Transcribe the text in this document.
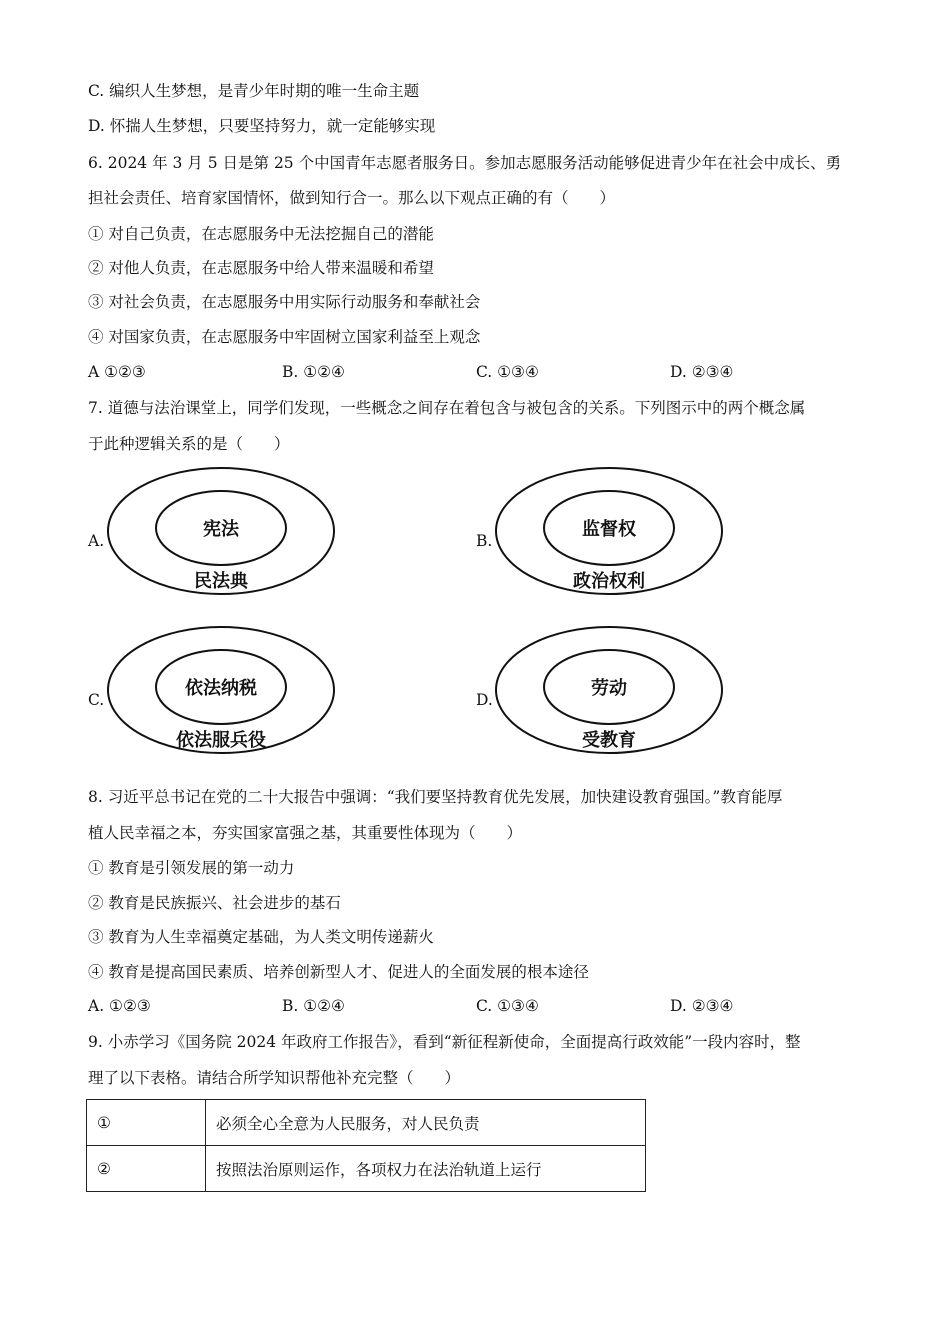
C. 编织人生梦想，是青少年时期的唯一生命主题
D. 怀揣人生梦想，只要坚持努力，就一定能够实现
6. 2024 年 3 月 5 日是第 25 个中国青年志愿者服务日。参加志愿服务活动能够促进青少年在社会中成长、勇
担社会责任、培育家国情怀，做到知行合一。那么以下观点正确的有（　　）
① 对自己负责，在志愿服务中无法挖掘自己的潜能
② 对他人负责，在志愿服务中给人带来温暖和希望
③ 对社会负责，在志愿服务中用实际行动服务和奉献社会
④ 对国家负责，在志愿服务中牢固树立国家利益至上观念
A ①②③	B. ①②④	C. ①③④	D. ②③④
7. 道德与法治课堂上，同学们发现，一些概念之间存在着包含与被包含的关系。下列图示中的两个概念属
于此种逻辑关系的是（　　）
A.
宪法
民法典
B.
监督权
政治权利
C.
依法纳税
依法服兵役
D.
劳动
受教育
8. 习近平总书记在党的二十大报告中强调：“我们要坚持教育优先发展，加快建设教育强国。”教育能厚
植人民幸福之本，夯实国家富强之基，其重要性体现为（　　）
① 教育是引领发展的第一动力
② 教育是民族振兴、社会进步的基石
③ 教育为人生幸福奠定基础，为人类文明传递薪火
④ 教育是提高国民素质、培养创新型人才、促进人的全面发展的根本途径
A. ①②③	B. ①②④	C. ①③④	D. ②③④
9. 小赤学习《国务院 2024 年政府工作报告》，看到“新征程新使命，全面提高行政效能”一段内容时，整
理了以下表格。请结合所学知识帮他补充完整（　　）
①	必须全心全意为人民服务，对人民负责
②	按照法治原则运作，各项权力在法治轨道上运行
